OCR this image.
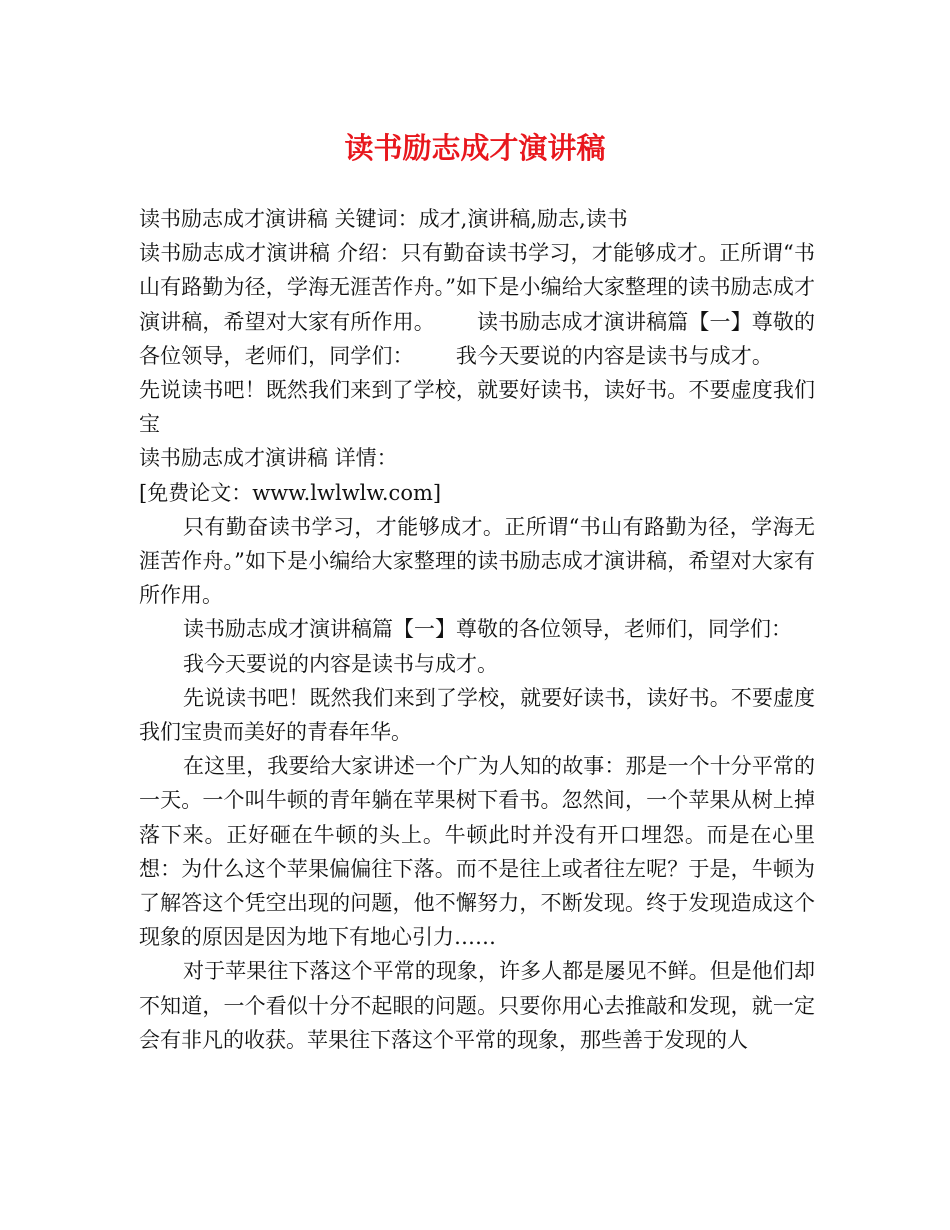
读书励志成才演讲稿

读书励志成才演讲稿 关键词：成才,演讲稿,励志,读书

读书励志成才演讲稿 介绍：只有勤奋读书学习，才能够成才。正所谓“书山有路勤为径，学海无涯苦作舟。”如下是小编给大家整理的读书励志成才演讲稿，希望对大家有所作用。 读书励志成才演讲稿篇【一】尊敬的各位领导，老师们，同学们： 我今天要说的内容是读书与成才。先说读书吧！既然我们来到了学校，就要好读书，读好书。不要虚度我们宝

读书励志成才演讲稿 详情：

[免费论文：www.lwlwlw.com]

只有勤奋读书学习，才能够成才。正所谓“书山有路勤为径，学海无涯苦作舟。”如下是小编给大家整理的读书励志成才演讲稿，希望对大家有所作用。

读书励志成才演讲稿篇【一】尊敬的各位领导，老师们，同学们：

我今天要说的内容是读书与成才。

先说读书吧！既然我们来到了学校，就要好读书，读好书。不要虚度我们宝贵而美好的青春年华。

在这里，我要给大家讲述一个广为人知的故事：那是一个十分平常的一天。一个叫牛顿的青年躺在苹果树下看书。忽然间，一个苹果从树上掉落下来。正好砸在牛顿的头上。牛顿此时并没有开口埋怨。而是在心里想：为什么这个苹果偏偏往下落。而不是往上或者往左呢？于是，牛顿为了解答这个凭空出现的问题，他不懈努力，不断发现。终于发现造成这个现象的原因是因为地下有地心引力……

对于苹果往下落这个平常的现象，许多人都是屡见不鲜。但是他们却不知道，一个看似十分不起眼的问题。只要你用心去推敲和发现，就一定会有非凡的收获。苹果往下落这个平常的现象，那些善于发现的人
